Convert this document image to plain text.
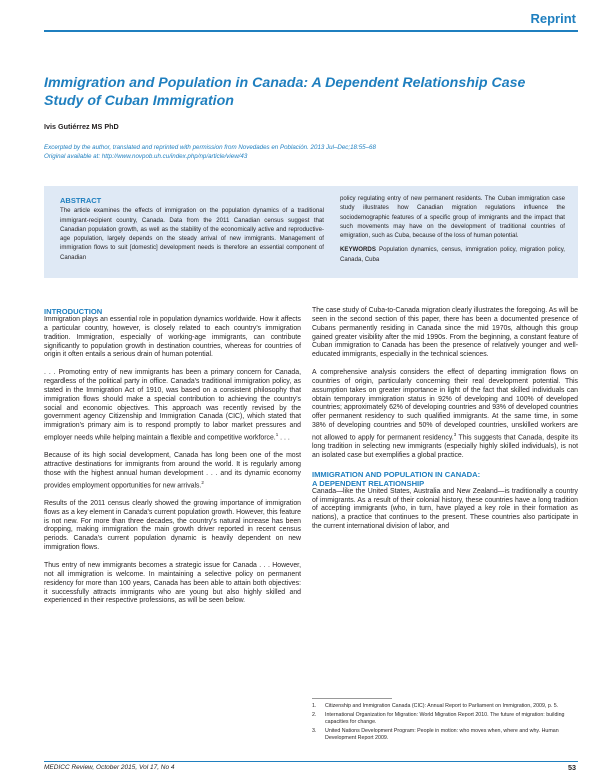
Reprint
Immigration and Population in Canada: A Dependent Relationship Case Study of Cuban Immigration
Ivis Gutiérrez MS PhD
Excerpted by the author, translated and reprinted with permission from Novedades en Población. 2013 Jul–Dec;18:55–68
Original available at: http://www.novpob.uh.cu/index.php/np/article/view/43
ABSTRACT
The article examines the effects of immigration on the population dynamics of a traditional immigrant-recipient country, Canada. Data from the 2011 Canadian census suggest that Canadian population growth, as well as the stability of the economically active and reproductive-age population, largely depends on the steady arrival of new immigrants. Management of immigration flows to suit [domestic] development needs is therefore an essential component of Canadian
policy regulating entry of new permanent residents. The Cuban immigration case study illustrates how Canadian migration regulations influence the sociodemographic features of a specific group of immigrants and the impact that such movements may have on the development of traditional countries of emigration, such as Cuba, because of the loss of human potential.
KEYWORDS Population dynamics, census, immigration policy, migration policy, Canada, Cuba
INTRODUCTION

Immigration plays an essential role in population dynamics worldwide. How it affects a particular country, however, is closely related to each country's immigration tradition. Immigration, especially of working-age immigrants, can contribute significantly to population growth in destination countries, whereas for countries of origin it often entails a serious drain of human potential.

. . . Promoting entry of new immigrants has been a primary concern for Canada, regardless of the political party in office. Canada's traditional immigration policy, as stated in the Immigration Act of 1910, was based on a consistent philosophy that immigration flows should make a special contribution to achieving the country's social and economic objectives. This approach was recently revised by the government agency Citizenship and Immigration Canada (CIC), which stated that immigration's primary aim is to respond promptly to labor market pressures and employer needs while helping maintain a flexible and competitive workforce.$^1$ . . .

Because of its high social development, Canada has long been one of the most attractive destinations for immigrants from around the world. It is regularly among those with the highest annual human development . . . and its dynamic economy provides employment opportunities for new arrivals.$^2$

Results of the 2011 census clearly showed the growing importance of immigration flows as a key element in Canada's current population growth. However, this feature is not new. For more than three decades, the country's natural increase has been dropping, making immigration the main growth driver reported in recent census periods. Canada's current population dynamic is heavily dependent on new immigration flows.

Thus entry of new immigrants becomes a strategic issue for Canada . . . However, not all immigration is welcome. In maintaining a selective policy on permanent residency for more than 100 years, Canada has been able to attain both objectives: it successfully attracts immigrants who are young but also highly skilled and experienced in their respective professions, as will be seen below.

The case study of Cuba-to-Canada migration clearly illustrates the foregoing. As will be seen in the second section of this paper, there has been a documented presence of Cubans permanently residing in Canada since the mid 1970s, although this group gained greater visibility after the mid 1990s. From the beginning, a constant feature of Cuban immigration to Canada has been the presence of relatively younger and well-educated immigrants, especially in the technical sciences.

A comprehensive analysis considers the effect of departing immigration flows on countries of origin, particularly concerning their real development potential. This assumption takes on greater importance in light of the fact that skilled individuals can obtain temporary immigration status in 92% of developing and 100% of developed countries; approximately 62% of developing countries and 93% of developed countries offer permanent residency to such qualified immigrants. At the same time, in some 38% of developing countries and 50% of developed countries, unskilled workers are not allowed to apply for permanent residency.$^3$ This suggests that Canada, despite its long tradition in selecting new immigrants (especially highly skilled individuals), is not an isolated case but exemplifies a global practice.

IMMIGRATION AND POPULATION IN CANADA:
A DEPENDENT RELATIONSHIP

Canada—like the United States, Australia and New Zealand—is traditionally a country of immigrants. As a result of their colonial history, these countries have a long tradition of accepting immigrants (who, in turn, have played a key role in their formation as nations), a practice that continues to the present. These countries also participate in the current international division of labor, and

1.	Citizenship and Immigration Canada (CIC): Annual Report to Parliament on Immigration, 2009, p. 5.
2.	International Organization for Migration: World Migration Report 2010. The future of migration: building capacities for change.
3.	United Nations Development Program: People in motion: who moves when, where and why. Human Development Report 2009.
MEDICC Review, October 2015, Vol 17, No 4	53
